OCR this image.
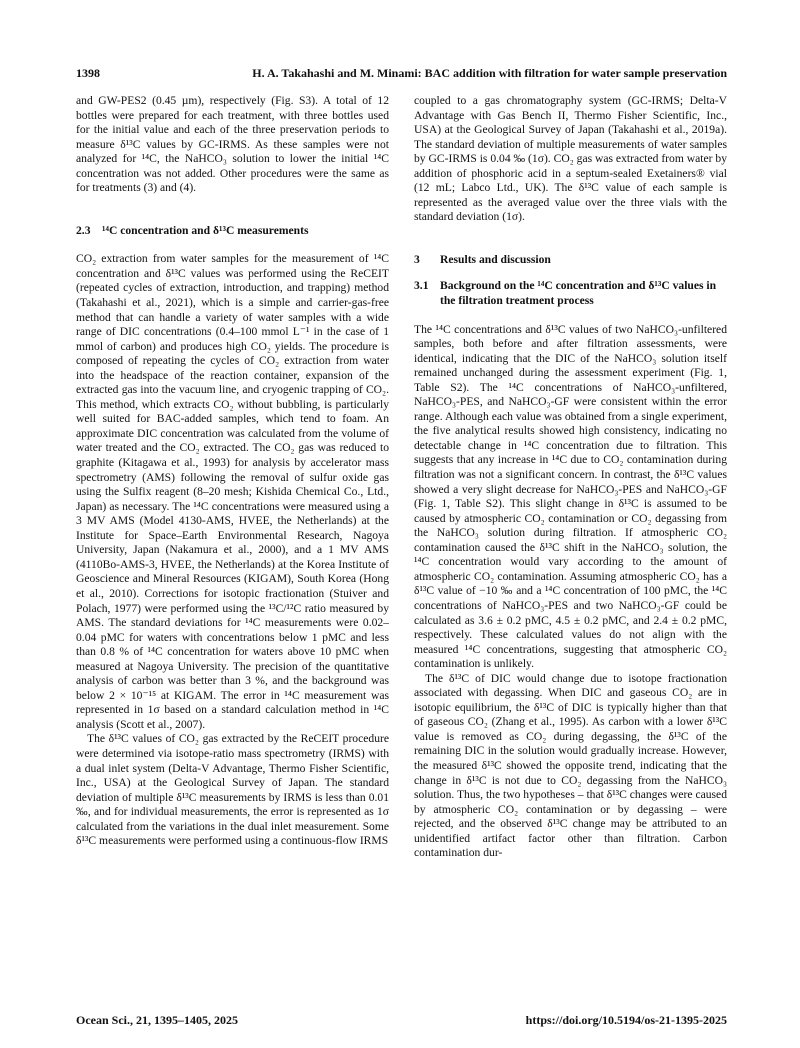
1398	H. A. Takahashi and M. Minami: BAC addition with filtration for water sample preservation

and GW-PES2 (0.45 µm), respectively (Fig. S3). A total of 12 bottles were prepared for each treatment, with three bottles used for the initial value and each of the three preservation periods to measure δ¹³C values by GC-IRMS. As these samples were not analyzed for ¹⁴C, the NaHCO₃ solution to lower the initial ¹⁴C concentration was not added. Other procedures were the same as for treatments (3) and (4).

2.3 ¹⁴C concentration and δ¹³C measurements

CO₂ extraction from water samples for the measurement of ¹⁴C concentration and δ¹³C values was performed using the ReCEIT (repeated cycles of extraction, introduction, and trapping) method (Takahashi et al., 2021), which is a simple and carrier-gas-free method that can handle a variety of water samples with a wide range of DIC concentrations (0.4–100 mmol L⁻¹ in the case of 1 mmol of carbon) and produces high CO₂ yields. The procedure is composed of repeating the cycles of CO₂ extraction from water into the headspace of the reaction container, expansion of the extracted gas into the vacuum line, and cryogenic trapping of CO₂. This method, which extracts CO₂ without bubbling, is particularly well suited for BAC-added samples, which tend to foam. An approximate DIC concentration was calculated from the volume of water treated and the CO₂ extracted. The CO₂ gas was reduced to graphite (Kitagawa et al., 1993) for analysis by accelerator mass spectrometry (AMS) following the removal of sulfur oxide gas using the Sulfix reagent (8–20 mesh; Kishida Chemical Co., Ltd., Japan) as necessary. The ¹⁴C concentrations were measured using a 3 MV AMS (Model 4130-AMS, HVEE, the Netherlands) at the Institute for Space–Earth Environmental Research, Nagoya University, Japan (Nakamura et al., 2000), and a 1 MV AMS (4110Bo-AMS-3, HVEE, the Netherlands) at the Korea Institute of Geoscience and Mineral Resources (KIGAM), South Korea (Hong et al., 2010). Corrections for isotopic fractionation (Stuiver and Polach, 1977) were performed using the ¹³C/¹²C ratio measured by AMS. The standard deviations for ¹⁴C measurements were 0.02–0.04 pMC for waters with concentrations below 1 pMC and less than 0.8 % of ¹⁴C concentration for waters above 10 pMC when measured at Nagoya University. The precision of the quantitative analysis of carbon was better than 3 %, and the background was below 2 × 10⁻¹⁵ at KIGAM. The error in ¹⁴C measurement was represented in 1σ based on a standard calculation method in ¹⁴C analysis (Scott et al., 2007).

The δ¹³C values of CO₂ gas extracted by the ReCEIT procedure were determined via isotope-ratio mass spectrometry (IRMS) with a dual inlet system (Delta-V Advantage, Thermo Fisher Scientific, Inc., USA) at the Geological Survey of Japan. The standard deviation of multiple δ¹³C measurements by IRMS is less than 0.01 ‰, and for individual measurements, the error is represented as 1σ calculated from the variations in the dual inlet measurement. Some δ¹³C measurements were performed using a continuous-flow IRMS

coupled to a gas chromatography system (GC-IRMS; Delta-V Advantage with Gas Bench II, Thermo Fisher Scientific, Inc., USA) at the Geological Survey of Japan (Takahashi et al., 2019a). The standard deviation of multiple measurements of water samples by GC-IRMS is 0.04 ‰ (1σ). CO₂ gas was extracted from water by addition of phosphoric acid in a septum-sealed Exetainers® vial (12 mL; Labco Ltd., UK). The δ¹³C value of each sample is represented as the averaged value over the three vials with the standard deviation (1σ).

3	Results and discussion
3.1 Background on the ¹⁴C concentration and δ¹³C values in the filtration treatment process

The ¹⁴C concentrations and δ¹³C values of two NaHCO₃-unfiltered samples, both before and after filtration assessments, were identical, indicating that the DIC of the NaHCO₃ solution itself remained unchanged during the assessment experiment (Fig. 1, Table S2). The ¹⁴C concentrations of NaHCO₃-unfiltered, NaHCO₃-PES, and NaHCO₃-GF were consistent within the error range. Although each value was obtained from a single experiment, the five analytical results showed high consistency, indicating no detectable change in ¹⁴C concentration due to filtration. This suggests that any increase in ¹⁴C due to CO₂ contamination during filtration was not a significant concern. In contrast, the δ¹³C values showed a very slight decrease for NaHCO₃-PES and NaHCO₃-GF (Fig. 1, Table S2). This slight change in δ¹³C is assumed to be caused by atmospheric CO₂ contamination or CO₂ degassing from the NaHCO₃ solution during filtration. If atmospheric CO₂ contamination caused the δ¹³C shift in the NaHCO₃ solution, the ¹⁴C concentration would vary according to the amount of atmospheric CO₂ contamination. Assuming atmospheric CO₂ has a δ¹³C value of −10 ‰ and a ¹⁴C concentration of 100 pMC, the ¹⁴C concentrations of NaHCO₃-PES and two NaHCO₃-GF could be calculated as 3.6 ± 0.2 pMC, 4.5 ± 0.2 pMC, and 2.4 ± 0.2 pMC, respectively. These calculated values do not align with the measured ¹⁴C concentrations, suggesting that atmospheric CO₂ contamination is unlikely.

The δ¹³C of DIC would change due to isotope fractionation associated with degassing. When DIC and gaseous CO₂ are in isotopic equilibrium, the δ¹³C of DIC is typically higher than that of gaseous CO₂ (Zhang et al., 1995). As carbon with a lower δ¹³C value is removed as CO₂ during degassing, the δ¹³C of the remaining DIC in the solution would gradually increase. However, the measured δ¹³C showed the opposite trend, indicating that the change in δ¹³C is not due to CO₂ degassing from the NaHCO₃ solution. Thus, the two hypotheses – that δ¹³C changes were caused by atmospheric CO₂ contamination or by degassing – were rejected, and the observed δ¹³C change may be attributed to an unidentified artifact factor other than filtration. Carbon contamination dur-

Ocean Sci., 21, 1395–1405, 2025	https://doi.org/10.5194/os-21-1395-2025
